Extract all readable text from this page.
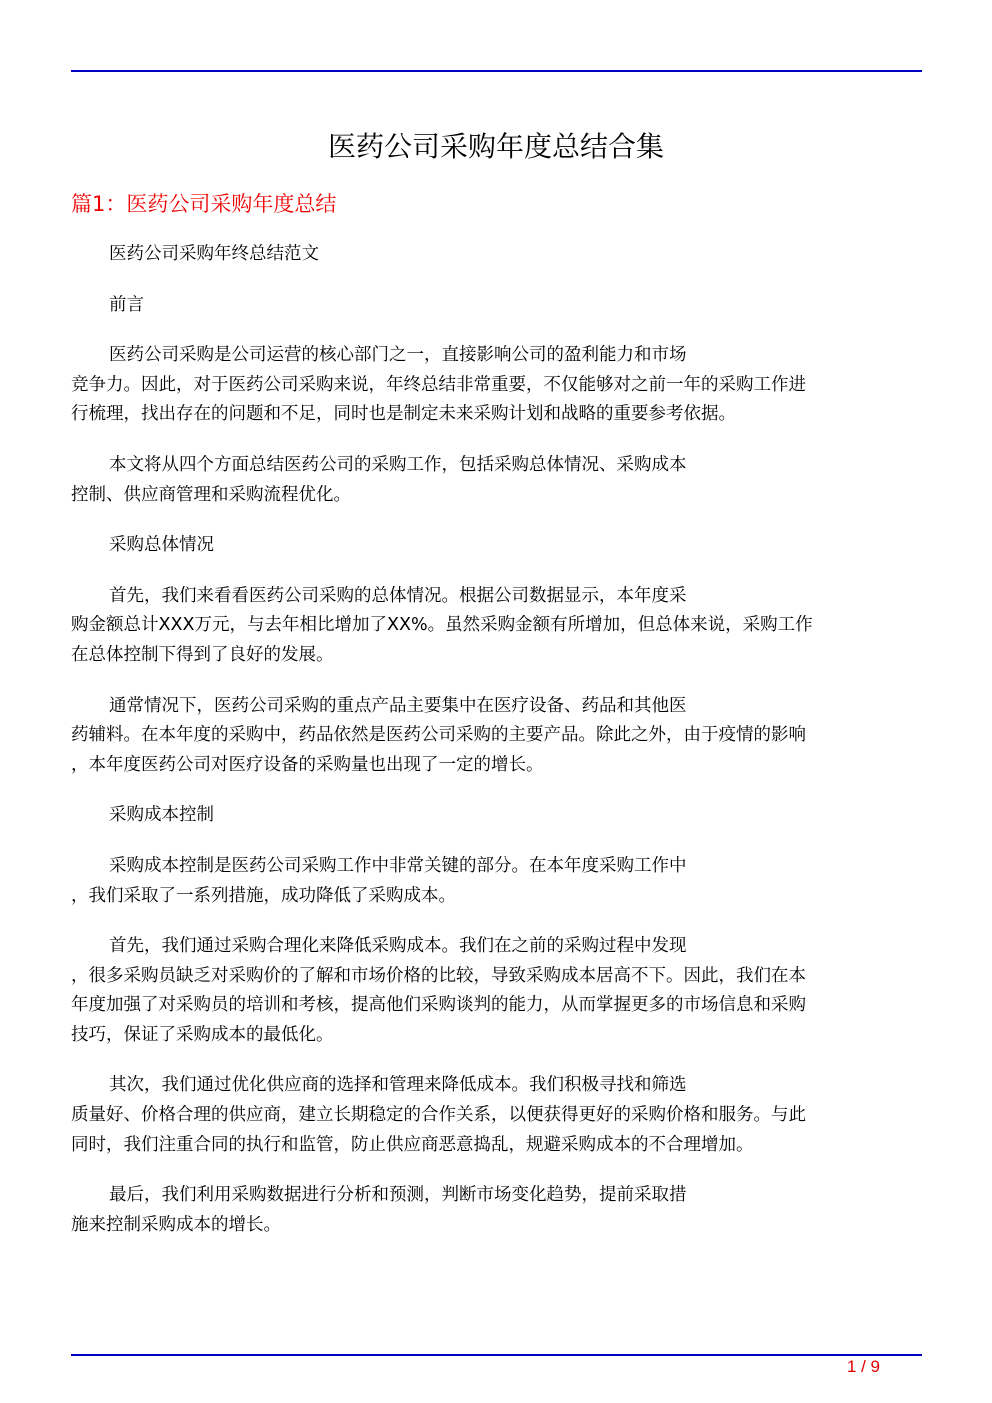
医药公司采购年度总结合集
篇1：医药公司采购年度总结
医药公司采购年终总结范文
前言
医药公司采购是公司运营的核心部门之一，直接影响公司的盈利能力和市场
竞争力。因此，对于医药公司采购来说，年终总结非常重要，不仅能够对之前一年的采购工作进
行梳理，找出存在的问题和不足，同时也是制定未来采购计划和战略的重要参考依据。
本文将从四个方面总结医药公司的采购工作，包括采购总体情况、采购成本
控制、供应商管理和采购流程优化。
采购总体情况
首先，我们来看看医药公司采购的总体情况。根据公司数据显示，本年度采
购金额总计XXX万元，与去年相比增加了XX%。虽然采购金额有所增加，但总体来说，采购工作
在总体控制下得到了良好的发展。
通常情况下，医药公司采购的重点产品主要集中在医疗设备、药品和其他医
药辅料。在本年度的采购中，药品依然是医药公司采购的主要产品。除此之外，由于疫情的影响
，本年度医药公司对医疗设备的采购量也出现了一定的增长。
采购成本控制
采购成本控制是医药公司采购工作中非常关键的部分。在本年度采购工作中
，我们采取了一系列措施，成功降低了采购成本。
首先，我们通过采购合理化来降低采购成本。我们在之前的采购过程中发现
，很多采购员缺乏对采购价的了解和市场价格的比较，导致采购成本居高不下。因此，我们在本
年度加强了对采购员的培训和考核，提高他们采购谈判的能力，从而掌握更多的市场信息和采购
技巧，保证了采购成本的最低化。
其次，我们通过优化供应商的选择和管理来降低成本。我们积极寻找和筛选
质量好、价格合理的供应商，建立长期稳定的合作关系，以便获得更好的采购价格和服务。与此
同时，我们注重合同的执行和监管，防止供应商恶意捣乱，规避采购成本的不合理增加。
最后，我们利用采购数据进行分析和预测，判断市场变化趋势，提前采取措
施来控制采购成本的增长。
1 / 9
